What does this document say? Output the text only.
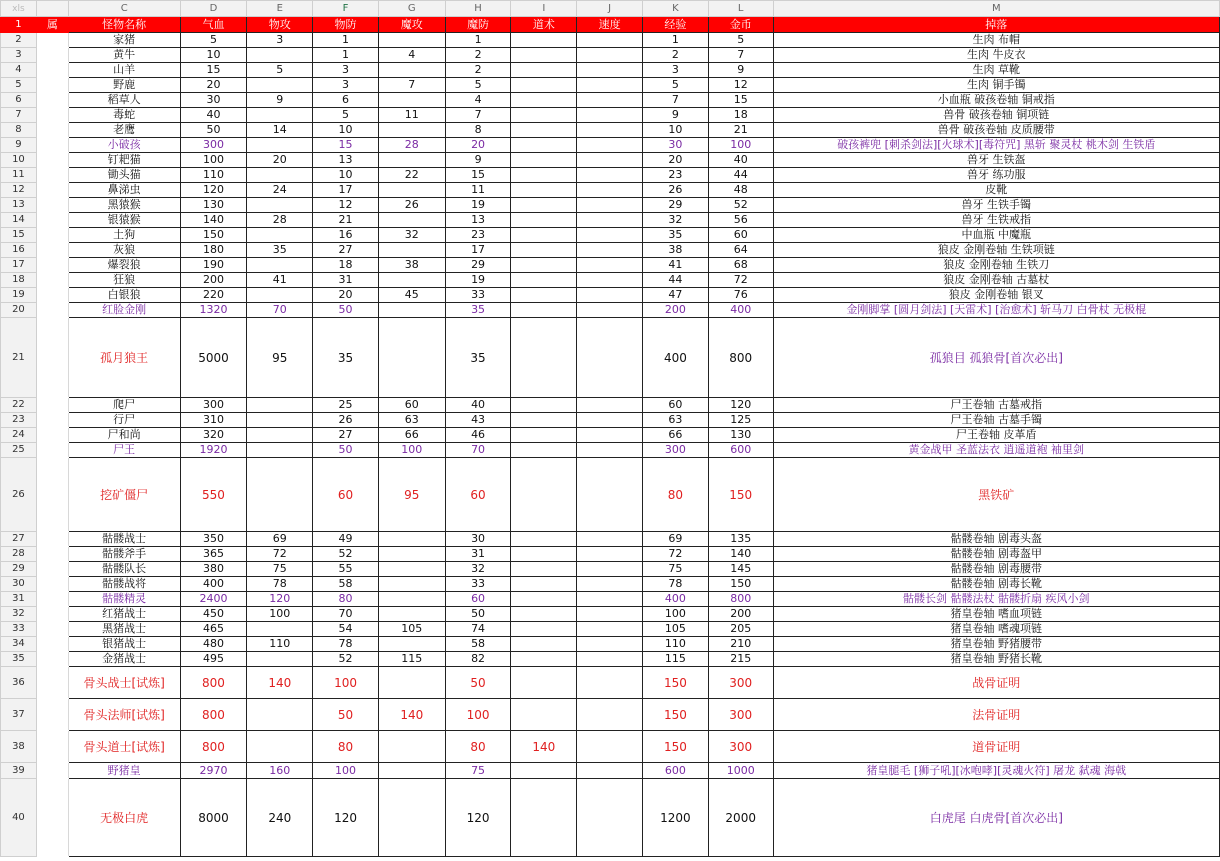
xls		C	D	E	F	G	H	I	J	K	L	M
1	属	怪物名称	气血	物攻	物防	魔攻	魔防	道术	速度	经验	金币	掉落
2		家猪	5	3	1		1			1	5	生肉 布帽
3		黄牛	10		1	4	2			2	7	生肉 牛皮衣
4		山羊	15	5	3		2			3	9	生肉 草靴
5		野鹿	20		3	7	5			5	12	生肉 铜手镯
6		稻草人	30	9	6		4			7	15	小血瓶 破孩卷轴 铜戒指
7		毒蛇	40		5	11	7			9	18	兽骨 破孩卷轴 铜项链
8		老鹰	50	14	10		8			10	21	兽骨 破孩卷轴 皮质腰带
9		小破孩	300		15	28	20			30	100	破孩裤兜 [刺杀剑法][火球术][毒符咒] 黑斩 聚灵杖 桃木剑 生铁盾
10		钉耙猫	100	20	13		9			20	40	兽牙 生铁盔
11		锄头猫	110		10	22	15			23	44	兽牙 练功服
12		鼻涕虫	120	24	17		11			26	48	皮靴
13		黑猿猴	130		12	26	19			29	52	兽牙 生铁手镯
14		银猿猴	140	28	21		13			32	56	兽牙 生铁戒指
15		土狗	150		16	32	23			35	60	中血瓶 中魔瓶
16		灰狼	180	35	27		17			38	64	狼皮 金刚卷轴 生铁项链
17		爆裂狼	190		18	38	29			41	68	狼皮 金刚卷轴 生铁刀
18		狂狼	200	41	31		19			44	72	狼皮 金刚卷轴 古墓杖
19		白银狼	220		20	45	33			47	76	狼皮 金刚卷轴 银叉
20		红脸金刚	1320	70	50		35			200	400	金刚脚掌 [圆月剑法] [天雷术] [治愈术] 斩马刀 白骨杖 无极棍
21		孤月狼王	5000	95	35		35			400	800	孤狼目 孤狼骨[首次必出]
22		爬尸	300		25	60	40			60	120	尸王卷轴 古墓戒指
23		行尸	310		26	63	43			63	125	尸王卷轴 古墓手镯
24		尸和尚	320		27	66	46			66	130	尸王卷轴 皮革盾
25		尸王	1920		50	100	70			300	600	黄金战甲 圣蓝法衣 逍遥道袍 袖里剑
26		挖矿僵尸	550		60	95	60			80	150	黑铁矿
27		骷髅战士	350	69	49		30			69	135	骷髅卷轴 剧毒头盔
28		骷髅斧手	365	72	52		31			72	140	骷髅卷轴 剧毒盔甲
29		骷髅队长	380	75	55		32			75	145	骷髅卷轴 剧毒腰带
30		骷髅战将	400	78	58		33			78	150	骷髅卷轴 剧毒长靴
31		骷髅精灵	2400	120	80		60			400	800	骷髅长剑 骷髅法杖 骷髅折扇 疾风小剑
32		红猪战士	450	100	70		50			100	200	猪皇卷轴 嗜血项链
33		黑猪战士	465		54	105	74			105	205	猪皇卷轴 嗜魂项链
34		银猪战士	480	110	78		58			110	210	猪皇卷轴 野猪腰带
35		金猪战士	495		52	115	82			115	215	猪皇卷轴 野猪长靴
36		骨头战士[试炼]	800	140	100		50			150	300	战骨证明
37		骨头法师[试炼]	800		50	140	100			150	300	法骨证明
38		骨头道士[试炼]	800		80		80	140		150	300	道骨证明
39		野猪皇	2970	160	100		75			600	1000	猪皇腿毛 [狮子吼][冰咆哮][灵魂火符] 屠龙 弑魂 海戟
40		无极白虎	8000	240	120		120			1200	2000	白虎尾 白虎骨[首次必出]
